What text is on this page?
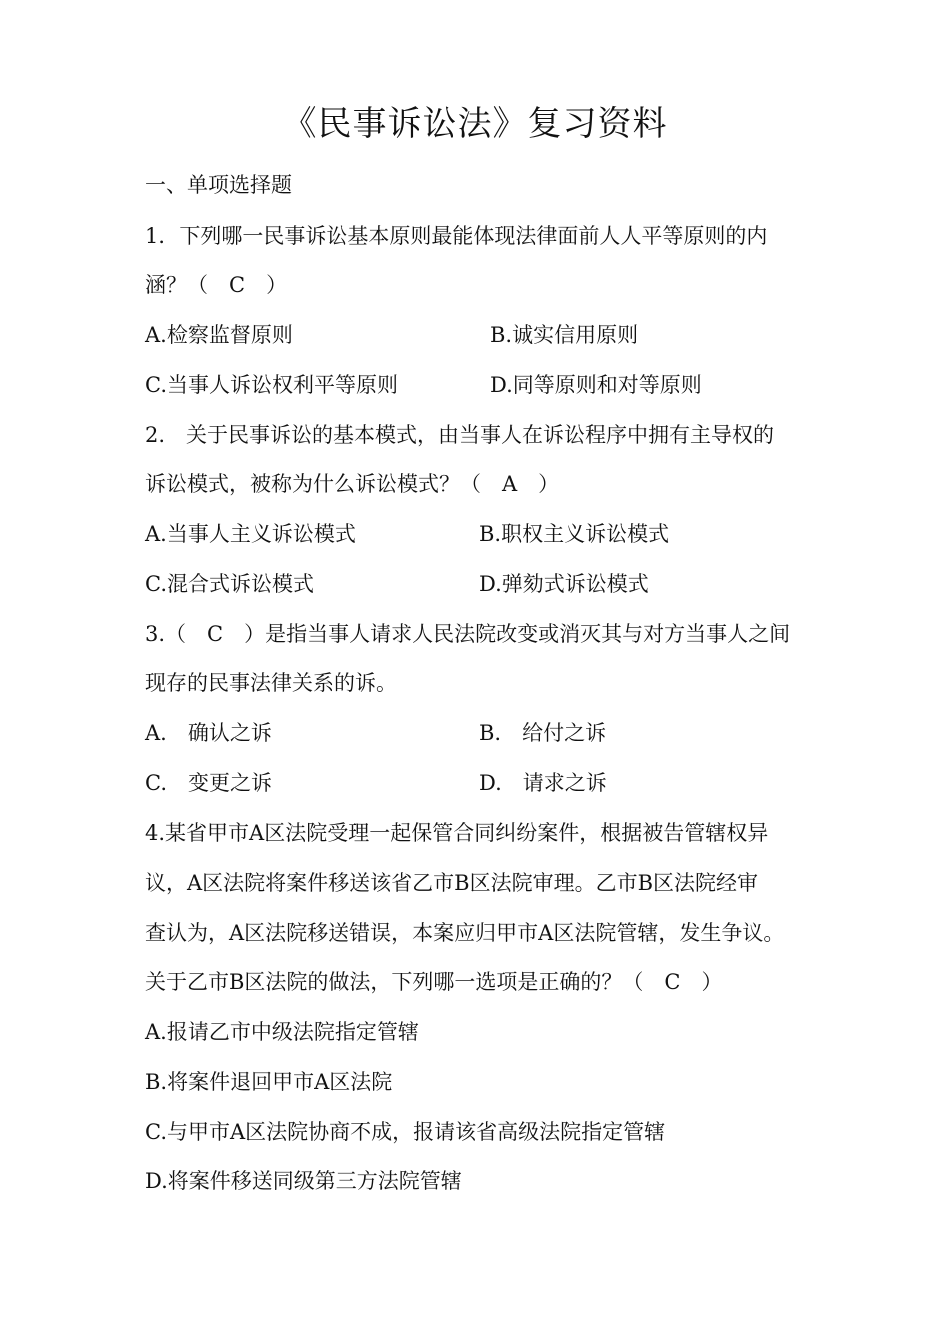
《民事诉讼法》复习资料

一、单项选择题

1．下列哪一民事诉讼基本原则最能体现法律面前人人平等原则的内

涵？（　C　）

A.检察监督原则	B.诚实信用原则

C.当事人诉讼权利平等原则	D.同等原则和对等原则

2.　关于民事诉讼的基本模式，由当事人在诉讼程序中拥有主导权的

诉讼模式，被称为什么诉讼模式？（　A　）

A.当事人主义诉讼模式	B.职权主义诉讼模式

C.混合式诉讼模式	D.弹劾式诉讼模式

3.（　C　）是指当事人请求人民法院改变或消灭其与对方当事人之间

现存的民事法律关系的诉。

A.　确认之诉	B.　给付之诉

C.　变更之诉	D.　请求之诉

4.某省甲市A区法院受理一起保管合同纠纷案件，根据被告管辖权异

议，A区法院将案件移送该省乙市B区法院审理。乙市B区法院经审

查认为，A区法院移送错误，本案应归甲市A区法院管辖，发生争议。

关于乙市B区法院的做法，下列哪一选项是正确的？（　C　）

A.报请乙市中级法院指定管辖

B.将案件退回甲市A区法院

C.与甲市A区法院协商不成，报请该省高级法院指定管辖

D.将案件移送同级第三方法院管辖
